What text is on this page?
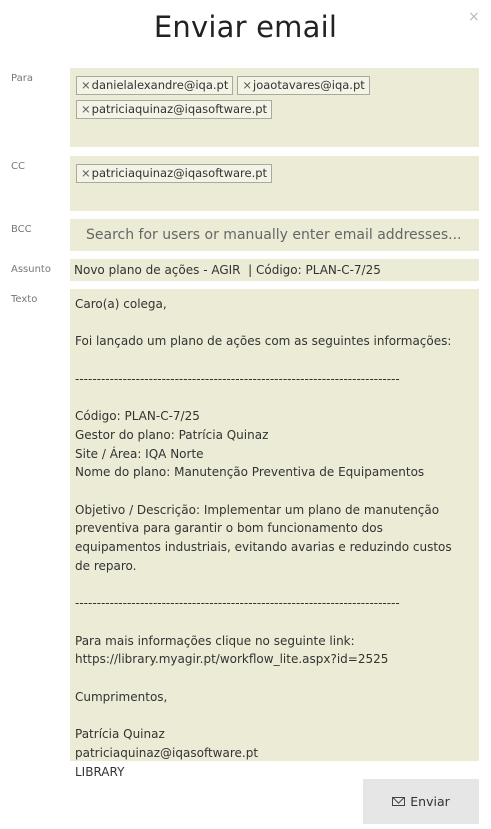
Enviar email	×
Para	×danielalexandre@iqa.pt ×joaotavares@iqa.pt
×patriciaquinaz@iqasoftware.pt
CC	×patriciaquinaz@iqasoftware.pt
BCC
Search for users or manually enter email addresses...
Assunto	Novo plano de ações - AGIR  | Código: PLAN-C-7/25
Texto	Caro(a) colega,

Foi lançado um plano de ações com as seguintes informações:

---------------------------------------------------------------------------

Código: PLAN-C-7/25
Gestor do plano: Patrícia Quinaz
Site / Área: IQA Norte
Nome do plano: Manutenção Preventiva de Equipamentos

Objetivo / Descrição: Implementar um plano de manutenção preventiva para garantir o bom funcionamento dos equipamentos industriais, evitando avarias e reduzindo custos de reparo.

---------------------------------------------------------------------------

Para mais informações clique no seguinte link:
https://library.myagir.pt/workflow_lite.aspx?id=2525

Cumprimentos,

Patrícia Quinaz
patriciaquinaz@iqasoftware.pt
LIBRARY
Enviar
